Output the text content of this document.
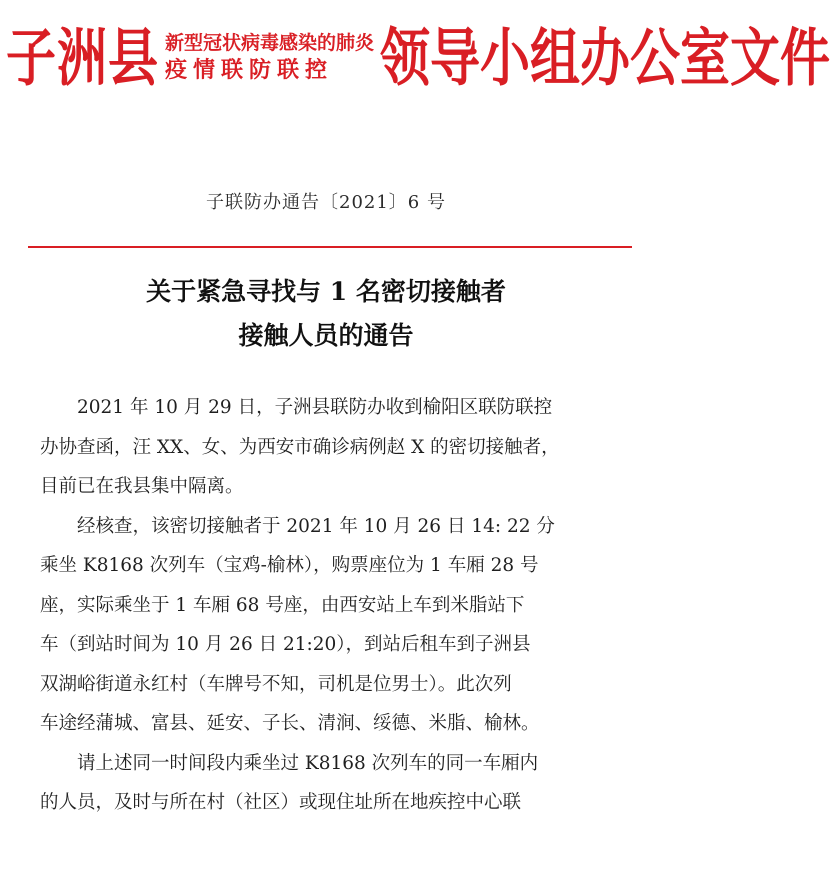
子洲县 新型冠状病毒感染的肺炎
疫情联防联控 领导小组办公室文件
子联防办通告〔2021〕6 号
关于紧急寻找与 1 名密切接触者
接触人员的通告
2021 年 10 月 29 日，子洲县联防办收到榆阳区联防联控
办协查函，汪 XX、女、为西安市确诊病例赵 X 的密切接触者，
目前已在我县集中隔离。
经核查，该密切接触者于 2021 年 10 月 26 日 14: 22 分
乘坐 K8168 次列车（宝鸡-榆林），购票座位为 1 车厢 28 号
座，实际乘坐于 1 车厢 68 号座，由西安站上车到米脂站下
车（到站时间为 10 月 26 日 21:20），到站后租车到子洲县
双湖峪街道永红村（车牌号不知，司机是位男士）。此次列
车途经蒲城、富县、延安、子长、清涧、绥德、米脂、榆林。
请上述同一时间段内乘坐过 K8168 次列车的同一车厢内
的人员，及时与所在村（社区）或现住址所在地疾控中心联
